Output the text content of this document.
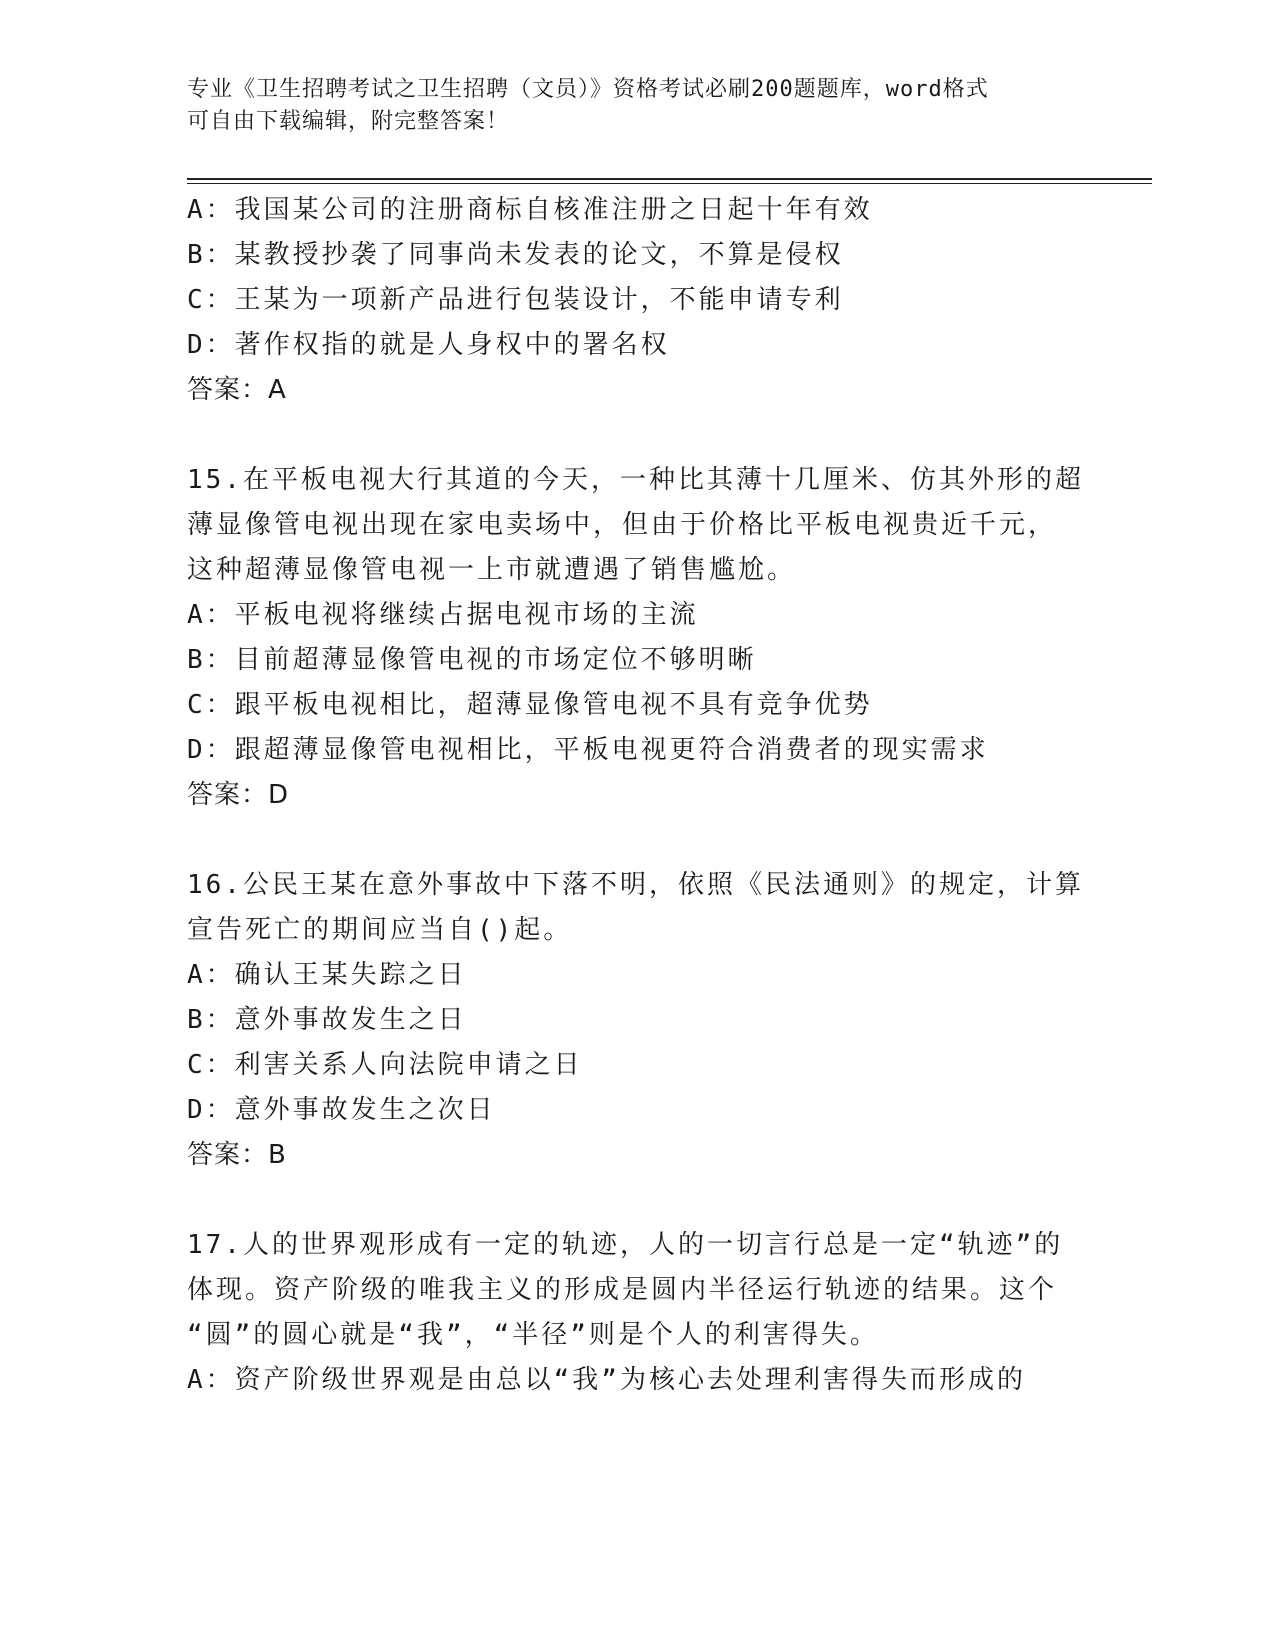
专业《卫生招聘考试之卫生招聘（文员）》资格考试必刷200题题库，word格式
可自由下载编辑，附完整答案！
A：我国某公司的注册商标自核准注册之日起十年有效
B：某教授抄袭了同事尚未发表的论文，不算是侵权
C：王某为一项新产品进行包装设计，不能申请专利
D：著作权指的就是人身权中的署名权
答案：A
15.在平板电视大行其道的今天，一种比其薄十几厘米、仿其外形的超
薄显像管电视出现在家电卖场中，但由于价格比平板电视贵近千元，
这种超薄显像管电视一上市就遭遇了销售尴尬。
A：平板电视将继续占据电视市场的主流
B：目前超薄显像管电视的市场定位不够明晰
C：跟平板电视相比，超薄显像管电视不具有竞争优势
D：跟超薄显像管电视相比，平板电视更符合消费者的现实需求
答案：D
16.公民王某在意外事故中下落不明，依照《民法通则》的规定，计算
宣告死亡的期间应当自()起。
A：确认王某失踪之日
B：意外事故发生之日
C：利害关系人向法院申请之日
D：意外事故发生之次日
答案：B
17.人的世界观形成有一定的轨迹，人的一切言行总是一定“轨迹”的
体现。资产阶级的唯我主义的形成是圆内半径运行轨迹的结果。这个
“圆”的圆心就是“我”，“半径”则是个人的利害得失。
A：资产阶级世界观是由总以“我”为核心去处理利害得失而形成的
